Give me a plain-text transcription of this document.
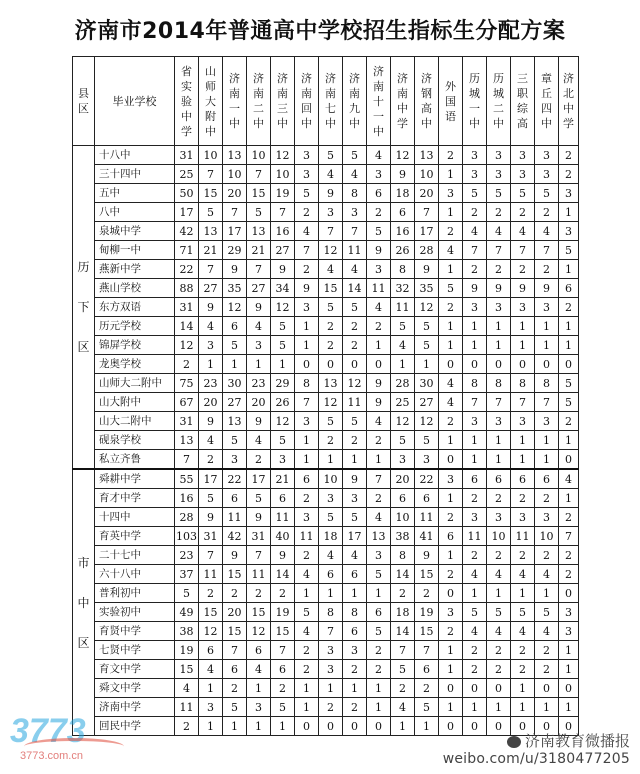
济南市2014年普通高中学校招生指标生分配方案
县区	毕业学校	省实验中学	山师大附中	济南一中	济南二中	济南三中	济南回中	济南七中	济南九中	济南十一中	济南中学	济钢高中	外国语	历城一中	历城二中	三职综高	章丘四中	济北中学
历下区	十八中	31	10	13	10	12	3	5	5	4	12	13	2	3	3	3	3	2
	三十四中	25	7	10	7	10	3	4	4	3	9	10	1	3	3	3	3	2
	五中	50	15	20	15	19	5	9	8	6	18	20	3	5	5	5	5	3
	八中	17	5	7	5	7	2	3	3	2	6	7	1	2	2	2	2	1
	泉城中学	42	13	17	13	16	4	7	7	5	16	17	2	4	4	4	4	3
	甸柳一中	71	21	29	21	27	7	12	11	9	26	28	4	7	7	7	7	5
	燕新中学	22	7	9	7	9	2	4	4	3	8	9	1	2	2	2	2	1
	燕山学校	88	27	35	27	34	9	15	14	11	32	35	5	9	9	9	9	6
	东方双语	31	9	12	9	12	3	5	5	4	11	12	2	3	3	3	3	2
	历元学校	14	4	6	4	5	1	2	2	2	5	5	1	1	1	1	1	1
	锦屏学校	12	3	5	3	5	1	2	2	1	4	5	1	1	1	1	1	1
	龙奥学校	2	1	1	1	1	0	0	0	0	1	1	0	0	0	0	0	0
	山师大二附中	75	23	30	23	29	8	13	12	9	28	30	4	8	8	8	8	5
	山大附中	67	20	27	20	26	7	12	11	9	25	27	4	7	7	7	7	5
	山大二附中	31	9	13	9	12	3	5	5	4	12	12	2	3	3	3	3	2
	砚泉学校	13	4	5	4	5	1	2	2	2	5	5	1	1	1	1	1	1
	私立齐鲁	7	2	3	2	3	1	1	1	1	3	3	0	1	1	1	1	0
市中区	舜耕中学	55	17	22	17	21	6	10	9	7	20	22	3	6	6	6	6	4
	育才中学	16	5	6	5	6	2	3	3	2	6	6	1	2	2	2	2	1
	十四中	28	9	11	9	11	3	5	5	4	10	11	2	3	3	3	3	2
	育英中学	103	31	42	31	40	11	18	17	13	38	41	6	11	10	11	10	7
	二十七中	23	7	9	7	9	2	4	4	3	8	9	1	2	2	2	2	2
	六十八中	37	11	15	11	14	4	6	6	5	14	15	2	4	4	4	4	2
	普利初中	5	2	2	2	2	1	1	1	1	2	2	0	1	1	1	1	0
	实验初中	49	15	20	15	19	5	8	8	6	18	19	3	5	5	5	5	3
	育贤中学	38	12	15	12	15	4	7	6	5	14	15	2	4	4	4	4	3
	七贤中学	19	6	7	6	7	2	3	3	2	7	7	1	2	2	2	2	1
	育文中学	15	4	6	4	6	2	3	2	2	5	6	1	2	2	2	2	1
	舜文中学	4	1	2	1	2	1	1	1	1	2	2	0	0	0	1	0	0
	济南中学	11	3	5	3	5	1	2	2	1	4	5	1	1	1	1	1	1
	回民中学	2	1	1	1	1	0	0	0	0	1	1	0	0	0	0	0	0
3773
3773.com.cn
济南教育微播报
weibo.com/u/3180477205
